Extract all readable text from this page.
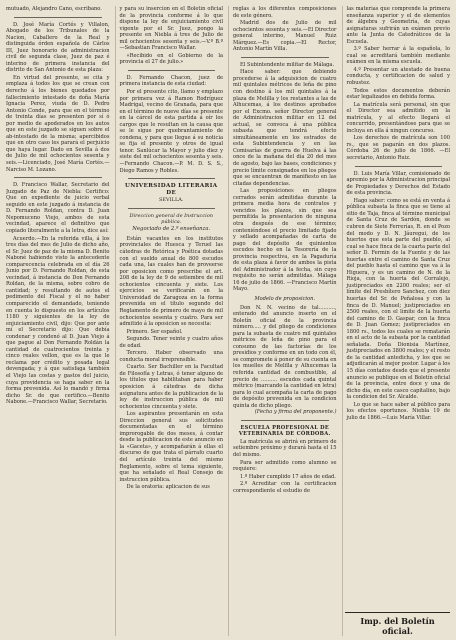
mutuado, Alejandro Cano, escribano.

D. José María Cortés y Villalon, Abogado de los Tribunales de la Nacion, Caballero de la Real y distinguida órden española de Cárlos III, Juez honorario de administracion civil de segunda clase, Juez de paz é interino de primera instancia del distrito de San Antonio de esta plaza:

En virtud del presente, se cita y emplaza á todos los que se crean con derecho á los bienes quedados por fallecimiento intestado de doña María Ignacia Perez, viuda de D. Pedro Antonio Conde, para que en el término de treinta días se presenten por sí ó por medio de apoderados en los autos que en este juzgado se siguen sobre el ab-intestado de la misma; apercibidos que en otro caso les parará el perjuicio que haya lugar. Dado en Sevilla á dos de Julio de mil ochocientos sesenta y seis.—Licenciado, José María Cortés.—Narciso M. Lozano.

D. Francisco Wallar, Secretario del Juzgado de Paz de Niebla: Certifico: Que en expediente de juicio verbal seguido en este juzgado á instancia de D. Fernando Roldan, contra D. Juan Nepomuceno Viejo, ambos de esta vecindad, aparece el definitivo que copiado literalmente a la letra, dice así:

Acuerdo.—En la referida villa, á los tres días del mes de Julio de dicho año, el Sr. Juez de paz de la misma D. Benito Naboné habiendo visto la antecedente comparecencia celebrada en el día 26 Junio por D. Fernando Roldan, de esta vecindad, á instancia de Don Fernando Roldan, de la misma, sobre cobro de cantidad; y resultando de autos el pedimento del Fiscal y el no haber comparecido el demandado, teniendo en cuenta lo dispuesto en los artículos 1180 y siguientes de la ley de enjuiciamiento civil, dijo: Que por ante mí el Secretario dijo: Que debía condenar y condenó al D. Juan Viejo á que pague al Don Fernando Roldán la cantidad de cuatrocientos treinta y cinco reales vellon, que es la que le reclama por crédito y posada legal devengada; y á que satisfaga también el Viejo las costas y gastos del juicio, cuya providencia se haga saber en la forma prevenida. Así lo mandó y firma dicho Sr. de que certifico.—Benito Nabone.—Francisco Wallar, Secretario.

y para su insercion en el Boletín oficial de la provincia conforme á lo que dispone la ley de enjuiciamiento civil vigente por el Sr. Juez, pongo la presente en Niebla á tres de Julio de mil ochocientos sesenta y seis.—V.º B.º—Sebastian Francisco Wallar.

«Recibido en el Gobierno de la provincia el 27 de julio.»

D. Fernando Chacon, juez de primera instancia de esta ciudad:

Por el presente cito, llamo y emplazo por primera vez á Ramon Rodríguez Madrigal, vecino de Granada, para que en el término de nueve días se presente en la cárcel de esta partida á oír los cargos que le resultan en la causa que se le sigue por quebrantamiento de condena, y para que llegue á su noticia se fija el presente y otros de igual tenor. Sanlúcar la Mayor y julio diez y siete del mil ochocientos sesenta y seis.—Fernando Chacon.—P. M. D. S. S., Diego Ramos y Robles.

UNIVERSIDAD LITERARIA DE

SEVILLA.

Direccion general de Instruccion pública.

Negociado de 2.ª enseñanza.

Están vacantes en los institutos provinciales de Huesca y Teruel las cátedras de Retórica y Poética dotadas con el sueldo anual de 800 escudos cada una, las cuales han de proveerse por oposicion como prescribe el art. 208 de la ley de 9 de setiembre de mil ochocientos cincuenta y siete. Los ejercicios se verificarán en la Universidad de Zaragoza en la forma prevenida en el título segundo del Reglamento de primero de mayo de mil ochocientos sesenta y cuatro. Para ser admitido á la oposicion se necesita:

Primero. Ser español.

Segundo. Tener veinte y cuatro años de edad.

Tercero. Haber observado una conducta moral irreprensible.

Cuarto. Ser Bachiller en la Facultad de Filosofía y Letras, ó tener alguno de los títulos que habilitaban para haber oposicion á cátedras de dicha asignatura antes de la publicacion de la ley de instruccion pública de mil ochocientos cincuenta y siete.

Los aspirantes presentarán en esta Direccion general sus solicitudes documentadas en el término improrogable de dos meses, á contar desde la publicacion de este anuncio en la «Gaceta», y acompañarán á ellas el discurso de que trata el párrafo cuarto del artículo treinta del mismo Reglamento, sobre el tema siguiente, que ha señalado el Real Consejo de instruccion pública.

De la oratoria: aplicacion de sus

reglas á los diferentes composiciones de este género.

Madrid dos de Julio de mil ochocientos sesenta y seis.—El Director general interino, Manuel Ruiz Márquez.—Es copia.—El Rector, Antonio Martín Villa.

El Subintendente militar de Málaga.

Hace saber: que debiendo procederse á la adquisicion de cuatro mil quintales métricos de leña de pino con destino á los mil quintales á la plaza de Melilla y los restantes a las de Alhucemas, á los destinos aprobados por el Excmo. señor Director general de Administracion militar en 12 del actual, se convoca á una pública subasta que tendrá efecto simultáneamente en los estrados de esta Subintendencia y en las Comisarías de guerra de Huelva á las once de la mañana del día 20 del mes de agosto, bajo las bases, condiciones y precio límite consignados en los pliegos que se encuentran de manifiesto en las citadas dependencias.

Las proposiciones en pliegos cerrados serán admitidas durante la primera media hora de contratos y vencidos los plazos, sin que sea permitida la presentacion de ninguna otra después de ese término; conteniéndose el precio limitado fijado y sellado acompañadas de carta de pago del depósito de quinientos escudos hecho en la Tesorería de la provincia respectiva, en la Pagaduría de esta plaza á favor de ambos la pista del Administrador á la fecha, sin cuyo requisito no serán admitidas. Málaga 16 de julio de 1866. —Francisco Martín Mayo.

Modelo de proposicion.

Don N. N. vecino de tal.........., enterado del anuncio inserto en el Boletín oficial de la provincia número..... y del pliego de condiciones para la subasta de cuatro mil quintales métricos de leña de pino para el consumo de las factorías de los presidios y conforme en un todo con él, se compromete á poner de su cuenta en los muelles de Melilla y Alhucemas la referida cantidad de combustible, al precio de .......... escudos cada quintal métrico (marcando la cantidad en letra) para lo cual acompaña la carta de pago de depósito prevenida en la condicion quinta de dicho pliego.

(Fecha y firma del proponente.)

ESCUELA PROFESIONAL DE VETERINARIA DE CÓRDOBA.

La matrícula se abrirá en primero de setiembre próximo y durará hasta el 15 del mismo.

Para ser admitido como alumno se requiere:

1.º Haber cumplido 17 años de edad.

2.º Acreditar con la certificacion correspondiente el estudio de

las materias que comprende la primera enseñanza superior y el de elementos de álgebra y Geometría, de cuyas asignaturas sufrirán un exámen previo ante la Junta de Catedráticos de la Escuela.

3.º Saber herrar á la española, lo cual se acreditará también mediante exámen en la misma escuela.

4.º Presentar un atestado de buena conducta, y certificacion de salud y robustez.

Todos estos documentos deberán estar legalizados en debida forma.

La matrícula será personal, sin que el Director sea admitido en la matrícula, y al efecto llegará el concurrido, presentándose para que se incluya en ella á ningun concurso.

Los derechos de matrícula son 100 rs., que se pagarán en dos plazos. Córdoba 26 de julio de 1866. —El secretario, Antonio Ruiz.

D. Luis María Villar, comisionado de apremio por la Administracion principal de Propiedades y Derechos del Estado de esta provincia.

Hago saber: como se está en venta á pública subasta la finca que se tiene al sitio de Taja, finca al término municipal de Santa Cruz de Sardón, donde se cubren de Siete Ferrerías, R. en el Pozo del modo y D. N. Jáuregui, de los huertos que esta parte del pueblo, al cual se hace finca de la cuarta parte del señor D. Fermin de la Fuente y de las huertas entre el camino de Santa Cruz del pueblo hasta el camino que va á la Higuera, y es un camino de N. de la Rioja, con la huerta del Corralejo, justipreciados en 2200 reales; ser el límite del Presbítero Sanchez, con diez huertas del Sr. de Peñalosa y con la finca de D. Manuel; justipreciados en 2500 reales, con el límite de la huerta del camino de D. Gaspar, con la finca de D. Juan Gomez; justipreciados en 1800 rs., todos los cuales se rematarán en el acto de la subasta por la cantidad señalada. Doña Dionisia Martínez, justipreciados en 3800 reales; y el resto de la cantidad antedicha, y los que se adjudicarán al mejor postor. Lugar á los 15 días contados desde que el presente anuncio se publique en el Boletín oficial de la provincia, entre doce y una de dicho día, en este casco capitalino, bajo la condicion del Sr. Alcalde.

Lo que se hace saber al público para los efectos oportunos. Niebla 19 de julio de 1866.—Luis María Villar.

Imp. del Boletín oficial.
